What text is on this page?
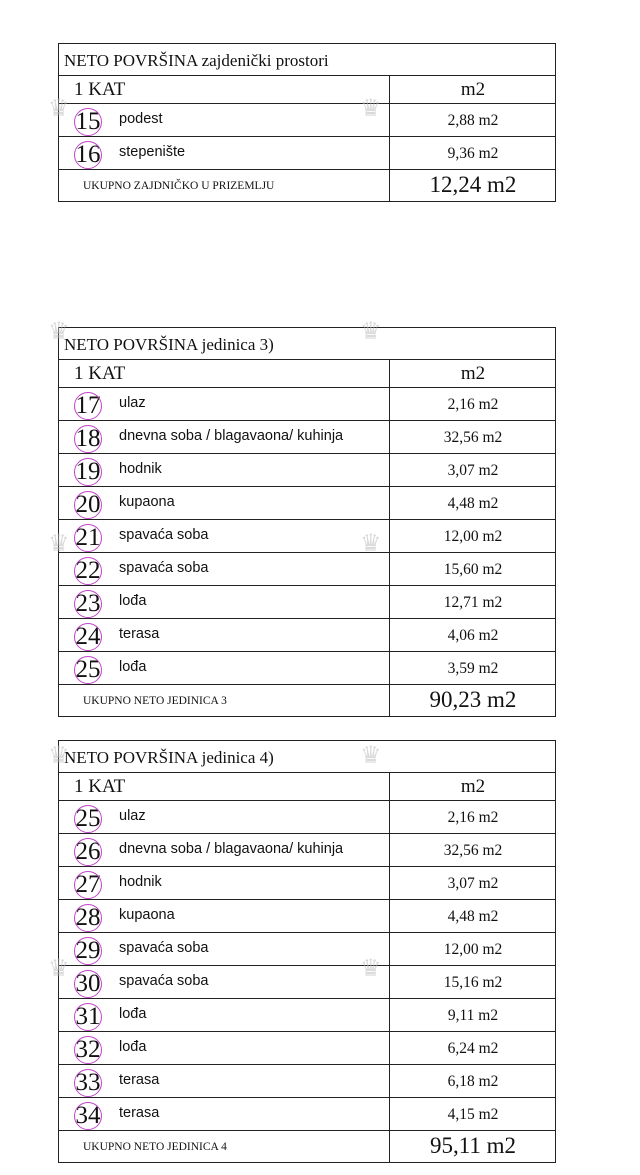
NETO POVRŠINA zajdenički prostori
1 KAT	m2
15 podest	2,88 m2
16 stepenište	9,36 m2
UKUPNO ZAJDNIČKO U PRIZEMLJU	12,24 m2
NETO POVRŠINA jedinica 3)
1 KAT	m2
17 ulaz	2,16 m2
18 dnevna soba / blagavaona/ kuhinja	32,56 m2
19 hodnik	3,07 m2
20 kupaona	4,48 m2
21 spavaća soba	12,00 m2
22 spavaća soba	15,60 m2
23 lođa	12,71 m2
24 terasa	4,06 m2
25 lođa	3,59 m2
UKUPNO NETO JEDINICA 3	90,23 m2
NETO POVRŠINA jedinica 4)
1 KAT	m2
25 ulaz	2,16 m2
26 dnevna soba / blagavaona/ kuhinja	32,56 m2
27 hodnik	3,07 m2
28 kupaona	4,48 m2
29 spavaća soba	12,00 m2
30 spavaća soba	15,16 m2
31 lođa	9,11 m2
32 lođa	6,24 m2
33 terasa	6,18 m2
34 terasa	4,15 m2
UKUPNO NETO JEDINICA 4	95,11 m2
♛	♛
♛	♛
♛	♛
♛	♛
♛	♛
